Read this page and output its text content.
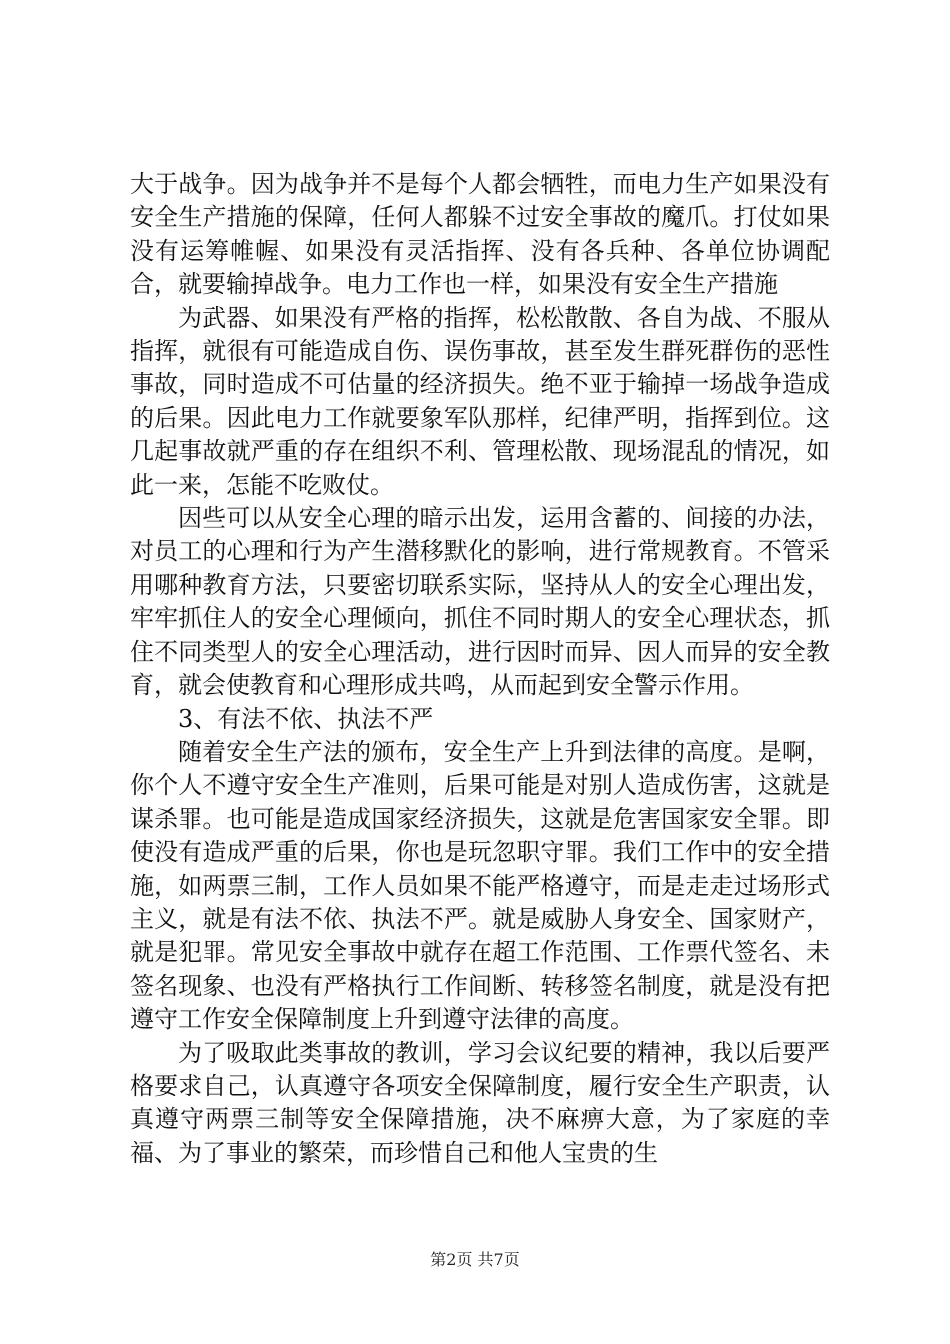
大于战争。因为战争并不是每个人都会牺牲，而电力生产如果没有安全生产措施的保障，任何人都躲不过安全事故的魔爪。打仗如果没有运筹帷幄、如果没有灵活指挥、没有各兵种、各单位协调配合，就要输掉战争。电力工作也一样，如果没有安全生产措施

为武器、如果没有严格的指挥，松松散散、各自为战、不服从指挥，就很有可能造成自伤、误伤事故，甚至发生群死群伤的恶性事故，同时造成不可估量的经济损失。绝不亚于输掉一场战争造成的后果。因此电力工作就要象军队那样，纪律严明，指挥到位。这几起事故就严重的存在组织不利、管理松散、现场混乱的情况，如此一来，怎能不吃败仗。

因些可以从安全心理的暗示出发，运用含蓄的、间接的办法，对员工的心理和行为产生潜移默化的影响，进行常规教育。不管采用哪种教育方法，只要密切联系实际，坚持从人的安全心理出发，牢牢抓住人的安全心理倾向，抓住不同时期人的安全心理状态，抓住不同类型人的安全心理活动，进行因时而异、因人而异的安全教育，就会使教育和心理形成共鸣，从而起到安全警示作用。

3、有法不依、执法不严

随着安全生产法的颁布，安全生产上升到法律的高度。是啊，你个人不遵守安全生产准则，后果可能是对别人造成伤害，这就是谋杀罪。也可能是造成国家经济损失，这就是危害国家安全罪。即使没有造成严重的后果，你也是玩忽职守罪。我们工作中的安全措施，如两票三制，工作人员如果不能严格遵守，而是走走过场形式主义，就是有法不依、执法不严。就是威胁人身安全、国家财产，就是犯罪。常见安全事故中就存在超工作范围、工作票代签名、未签名现象、也没有严格执行工作间断、转移签名制度，就是没有把遵守工作安全保障制度上升到遵守法律的高度。

为了吸取此类事故的教训，学习会议纪要的精神，我以后要严格要求自己，认真遵守各项安全保障制度，履行安全生产职责，认真遵守两票三制等安全保障措施，决不麻痹大意，为了家庭的幸福、为了事业的繁荣，而珍惜自己和他人宝贵的生

第2页 共7页
